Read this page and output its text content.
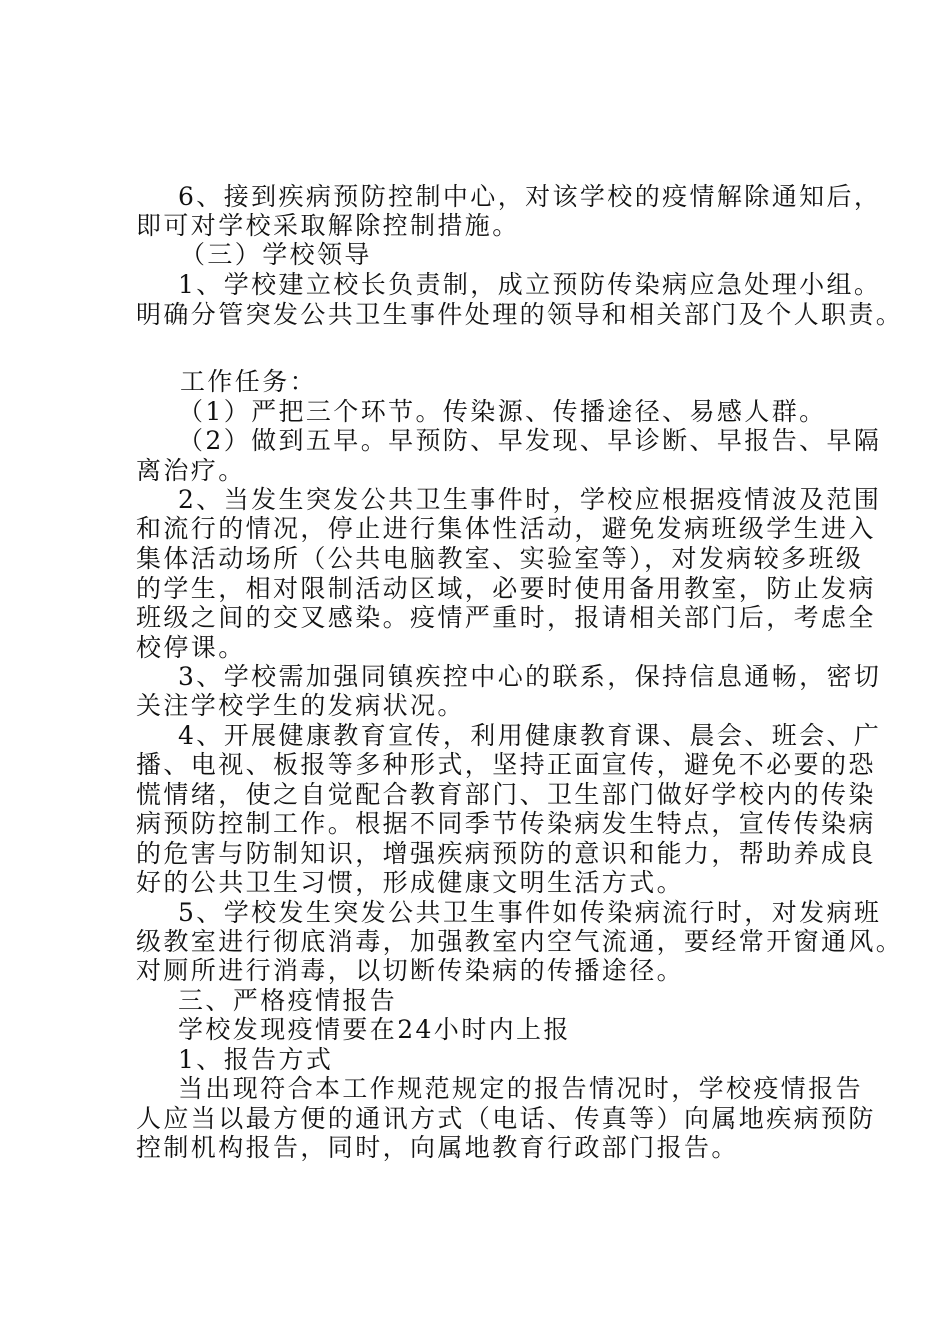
6、接到疾病预防控制中心，对该学校的疫情解除通知后，
即可对学校采取解除控制措施。
（三）学校领导
1、学校建立校长负责制，成立预防传染病应急处理小组。
明确分管突发公共卫生事件处理的领导和相关部门及个人职责。
工作任务：
（1）严把三个环节。传染源、传播途径、易感人群。
（2）做到五早。早预防、早发现、早诊断、早报告、早隔
离治疗。
2、当发生突发公共卫生事件时，学校应根据疫情波及范围
和流行的情况，停止进行集体性活动，避免发病班级学生进入
集体活动场所（公共电脑教室、实验室等），对发病较多班级
的学生，相对限制活动区域，必要时使用备用教室，防止发病
班级之间的交叉感染。疫情严重时，报请相关部门后，考虑全
校停课。
3、学校需加强同镇疾控中心的联系，保持信息通畅，密切
关注学校学生的发病状况。
4、开展健康教育宣传，利用健康教育课、晨会、班会、广
播、电视、板报等多种形式，坚持正面宣传，避免不必要的恐
慌情绪，使之自觉配合教育部门、卫生部门做好学校内的传染
病预防控制工作。根据不同季节传染病发生特点，宣传传染病
的危害与防制知识，增强疾病预防的意识和能力，帮助养成良
好的公共卫生习惯，形成健康文明生活方式。
5、学校发生突发公共卫生事件如传染病流行时，对发病班
级教室进行彻底消毒，加强教室内空气流通，要经常开窗通风。
对厕所进行消毒，以切断传染病的传播途径。
三、严格疫情报告
学校发现疫情要在24小时内上报
1、报告方式
当出现符合本工作规范规定的报告情况时，学校疫情报告
人应当以最方便的通讯方式（电话、传真等）向属地疾病预防
控制机构报告，同时，向属地教育行政部门报告。
